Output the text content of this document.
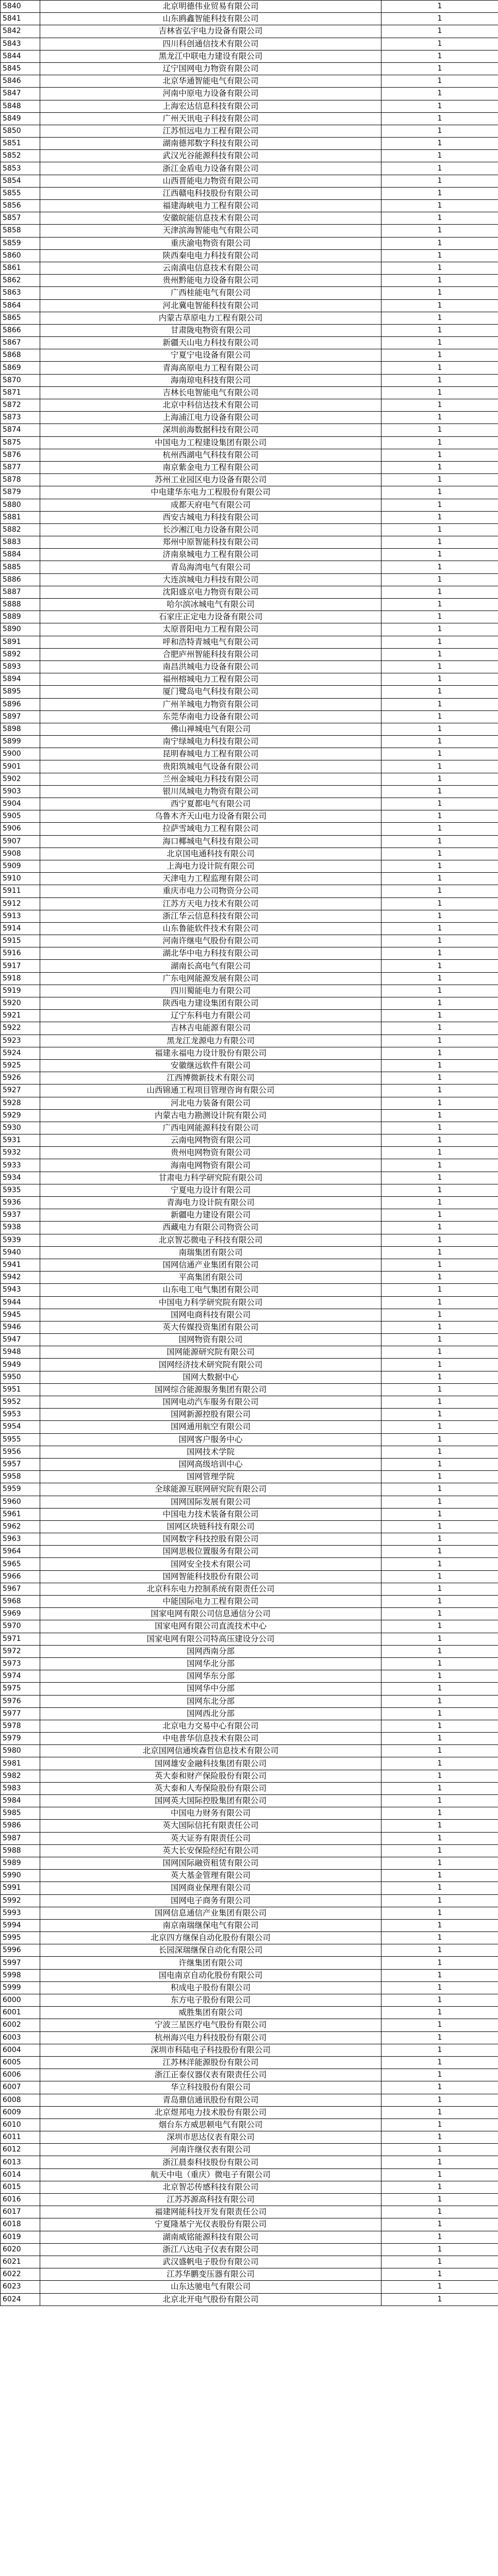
5840	北京明德伟业贸易有限公司	1
5841	山东鸥鑫智能科技有限公司	1
5842	吉林省弘宇电力设备有限公司	1
5843	四川科创通信技术有限公司	1
5844	黑龙江中联电力建设有限公司	1
5845	辽宁国网电力物资有限公司	1
5846	北京华通智能电气有限公司	1
5847	河南中原电力设备有限公司	1
5848	上海宏达信息科技有限公司	1
5849	广州天讯电子科技有限公司	1
5850	江苏恒远电力工程有限公司	1
5851	湖南德邦数字科技有限公司	1
5852	武汉光谷能源科技有限公司	1
5853	浙江金盾电力设备有限公司	1
5854	山西晋能电力物资有限公司	1
5855	江西赣电科技股份有限公司	1
5856	福建海峡电力工程有限公司	1
5857	安徽皖能信息技术有限公司	1
5858	天津滨海智能电气有限公司	1
5859	重庆渝电物资有限公司	1
5860	陕西秦电电力科技有限公司	1
5861	云南滇电信息技术有限公司	1
5862	贵州黔能电力设备有限公司	1
5863	广西桂能电气有限公司	1
5864	河北冀电智能科技有限公司	1
5865	内蒙古草原电力工程有限公司	1
5866	甘肃陇电物资有限公司	1
5867	新疆天山电力科技有限公司	1
5868	宁夏宁电设备有限公司	1
5869	青海高原电力工程有限公司	1
5870	海南琼电科技有限公司	1
5871	吉林长电智能电气有限公司	1
5872	北京中科信达技术有限公司	1
5873	上海浦江电力设备有限公司	1
5874	深圳前海数据科技有限公司	1
5875	中国电力工程建设集团有限公司	1
5876	杭州西湖电气科技有限公司	1
5877	南京紫金电力工程有限公司	1
5878	苏州工业园区电力设备有限公司	1
5879	中电建华东电力工程股份有限公司	1
5880	成都天府电气有限公司	1
5881	西安古城电力科技有限公司	1
5882	长沙湘江电力设备有限公司	1
5883	郑州中原智能科技有限公司	1
5884	济南泉城电力工程有限公司	1
5885	青岛海湾电气有限公司	1
5886	大连滨城电力科技有限公司	1
5887	沈阳盛京电力物资有限公司	1
5888	哈尔滨冰城电气有限公司	1
5889	石家庄正定电力设备有限公司	1
5890	太原晋阳电力工程有限公司	1
5891	呼和浩特青城电气有限公司	1
5892	合肥庐州智能科技有限公司	1
5893	南昌洪城电力设备有限公司	1
5894	福州榕城电力工程有限公司	1
5895	厦门鹭岛电气科技有限公司	1
5896	广州羊城电力物资有限公司	1
5897	东莞华南电力设备有限公司	1
5898	佛山禅城电气有限公司	1
5899	南宁绿城电力科技有限公司	1
5900	昆明春城电力工程有限公司	1
5901	贵阳筑城电气设备有限公司	1
5902	兰州金城电力科技有限公司	1
5903	银川凤城电力物资有限公司	1
5904	西宁夏都电气有限公司	1
5905	乌鲁木齐天山电力设备有限公司	1
5906	拉萨雪域电力工程有限公司	1
5907	海口椰城电气科技有限公司	1
5908	北京国电通科技有限公司	1
5909	上海电力设计院有限公司	1
5910	天津电力工程监理有限公司	1
5911	重庆市电力公司物资分公司	1
5912	江苏方天电力技术有限公司	1
5913	浙江华云信息科技有限公司	1
5914	山东鲁能软件技术有限公司	1
5915	河南许继电气股份有限公司	1
5916	湖北华中电力科技有限公司	1
5917	湖南长高电气有限公司	1
5918	广东电网能源发展有限公司	1
5919	四川蜀能电力有限公司	1
5920	陕西电力建设集团有限公司	1
5921	辽宁东科电力有限公司	1
5922	吉林吉电能源有限公司	1
5923	黑龙江龙源电力有限公司	1
5924	福建永福电力设计股份有限公司	1
5925	安徽继远软件有限公司	1
5926	江西博微新技术有限公司	1
5927	山西锦通工程项目管理咨询有限公司	1
5928	河北电力装备有限公司	1
5929	内蒙古电力勘测设计院有限公司	1
5930	广西电网能源科技有限公司	1
5931	云南电网物资有限公司	1
5932	贵州电网物资有限公司	1
5933	海南电网物资有限公司	1
5934	甘肃电力科学研究院有限公司	1
5935	宁夏电力设计有限公司	1
5936	青海电力设计院有限公司	1
5937	新疆电力建设有限公司	1
5938	西藏电力有限公司物资公司	1
5939	北京智芯微电子科技有限公司	1
5940	南瑞集团有限公司	1
5941	国网信通产业集团有限公司	1
5942	平高集团有限公司	1
5943	山东电工电气集团有限公司	1
5944	中国电力科学研究院有限公司	1
5945	国网电商科技有限公司	1
5946	英大传媒投资集团有限公司	1
5947	国网物资有限公司	1
5948	国网能源研究院有限公司	1
5949	国网经济技术研究院有限公司	1
5950	国网大数据中心	1
5951	国网综合能源服务集团有限公司	1
5952	国网电动汽车服务有限公司	1
5953	国网新源控股有限公司	1
5954	国网通用航空有限公司	1
5955	国网客户服务中心	1
5956	国网技术学院	1
5957	国网高级培训中心	1
5958	国网管理学院	1
5959	全球能源互联网研究院有限公司	1
5960	国网国际发展有限公司	1
5961	中国电力技术装备有限公司	1
5962	国网区块链科技有限公司	1
5963	国网数字科技控股有限公司	1
5964	国网思极位置服务有限公司	1
5965	国网安全技术有限公司	1
5966	国网智能科技股份有限公司	1
5967	北京科东电力控制系统有限责任公司	1
5968	中能国际电力工程有限公司	1
5969	国家电网有限公司信息通信分公司	1
5970	国家电网有限公司直流技术中心	1
5971	国家电网有限公司特高压建设分公司	1
5972	国网西南分部	1
5973	国网华北分部	1
5974	国网华东分部	1
5975	国网华中分部	1
5976	国网东北分部	1
5977	国网西北分部	1
5978	北京电力交易中心有限公司	1
5979	中电普华信息技术有限公司	1
5980	北京国网信通埃森哲信息技术有限公司	1
5981	国网雄安金融科技集团有限公司	1
5982	英大泰和财产保险股份有限公司	1
5983	英大泰和人寿保险股份有限公司	1
5984	国网英大国际控股集团有限公司	1
5985	中国电力财务有限公司	1
5986	英大国际信托有限责任公司	1
5987	英大证券有限责任公司	1
5988	英大长安保险经纪有限公司	1
5989	国网国际融资租赁有限公司	1
5990	英大基金管理有限公司	1
5991	国网商业保理有限公司	1
5992	国网电子商务有限公司	1
5993	国网信息通信产业集团有限公司	1
5994	南京南瑞继保电气有限公司	1
5995	北京四方继保自动化股份有限公司	1
5996	长园深瑞继保自动化有限公司	1
5997	许继集团有限公司	1
5998	国电南京自动化股份有限公司	1
5999	积成电子股份有限公司	1
6000	东方电子股份有限公司	1
6001	威胜集团有限公司	1
6002	宁波三星医疗电气股份有限公司	1
6003	杭州海兴电力科技股份有限公司	1
6004	深圳市科陆电子科技股份有限公司	1
6005	江苏林洋能源股份有限公司	1
6006	浙江正泰仪器仪表有限责任公司	1
6007	华立科技股份有限公司	1
6008	青岛鼎信通讯股份有限公司	1
6009	北京煜邦电力技术股份有限公司	1
6010	烟台东方威思顿电气有限公司	1
6011	深圳市思达仪表有限公司	1
6012	河南许继仪表有限公司	1
6013	浙江晨泰科技股份有限公司	1
6014	航天中电（重庆）微电子有限公司	1
6015	北京智芯传感科技有限公司	1
6016	江苏苏源高科技有限公司	1
6017	福建网能科技开发有限责任公司	1
6018	宁夏隆基宁光仪表股份有限公司	1
6019	湖南威铭能源科技有限公司	1
6020	浙江八达电子仪表有限公司	1
6021	武汉盛帆电子股份有限公司	1
6022	江苏华鹏变压器有限公司	1
6023	山东达驰电气有限公司	1
6024	北京北开电气股份有限公司	1
